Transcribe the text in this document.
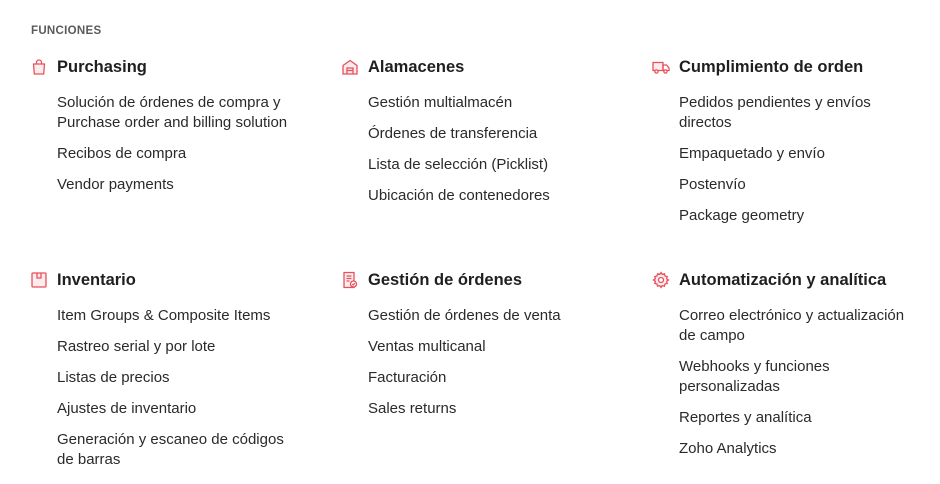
FUNCIONES
Purchasing
Solución de órdenes de compra y Purchase order and billing solution
Recibos de compra
Vendor payments
Alamacenes
Gestión multialmacén
Órdenes de transferencia
Lista de selección (Picklist)
Ubicación de contenedores
Cumplimiento de orden
Pedidos pendientes y envíos directos
Empaquetado y envío
Postenvío
Package geometry
Inventario
Item Groups & Composite Items
Rastreo serial y por lote
Listas de precios
Ajustes de inventario
Generación y escaneo de códigos de barras
Gestión de órdenes
Gestión de órdenes de venta
Ventas multicanal
Facturación
Sales returns
Automatización y analítica
Correo electrónico y actualización de campo
Webhooks y funciones personalizadas
Reportes y analítica
Zoho Analytics
